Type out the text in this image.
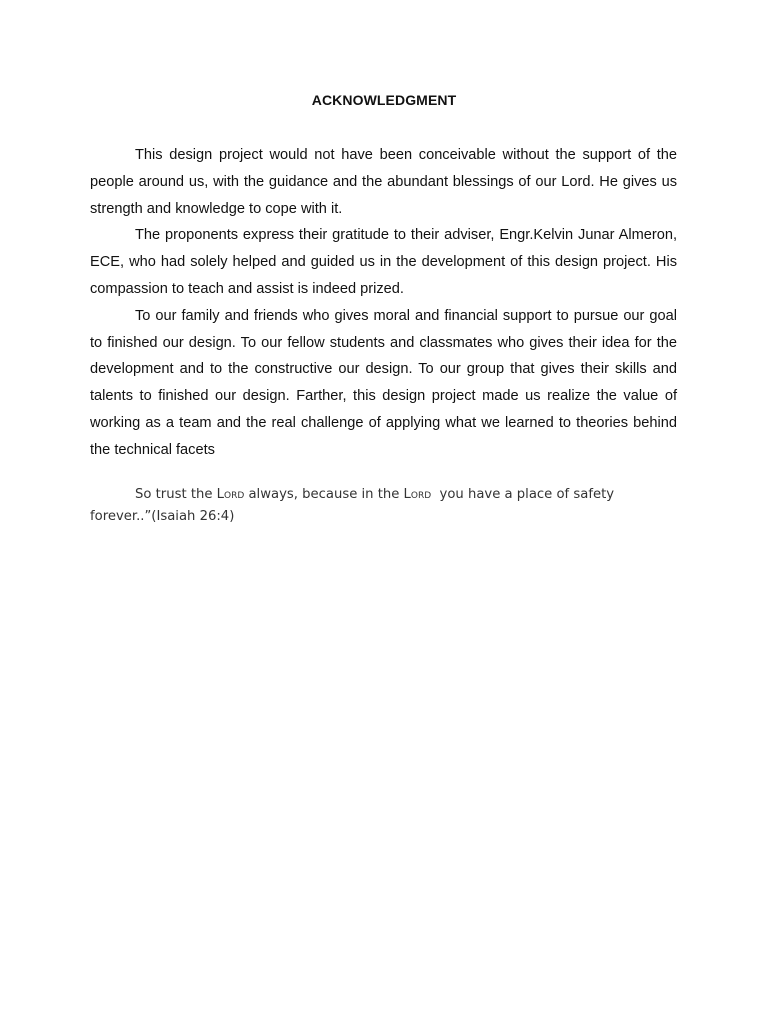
ACKNOWLEDGMENT

This design project would not have been conceivable without the support of the people around us, with the guidance and the abundant blessings of our Lord. He gives us strength and knowledge to cope with it.

The proponents express their gratitude to their adviser, Engr.Kelvin Junar Almeron, ECE, who had solely helped and guided us in the development of this design project. His compassion to teach and assist is indeed prized.

To our family and friends who gives moral and financial support to pursue our goal to finished our design. To our fellow students and classmates who gives their idea for the development and to the constructive our design. To our group that gives their skills and talents to finished our design. Farther, this design project made us realize the value of working as a team and the real challenge of applying what we learned to theories behind the technical facets

So trust the Lord always, because in the Lord  you have a place of safety forever..”(Isaiah 26:4)
